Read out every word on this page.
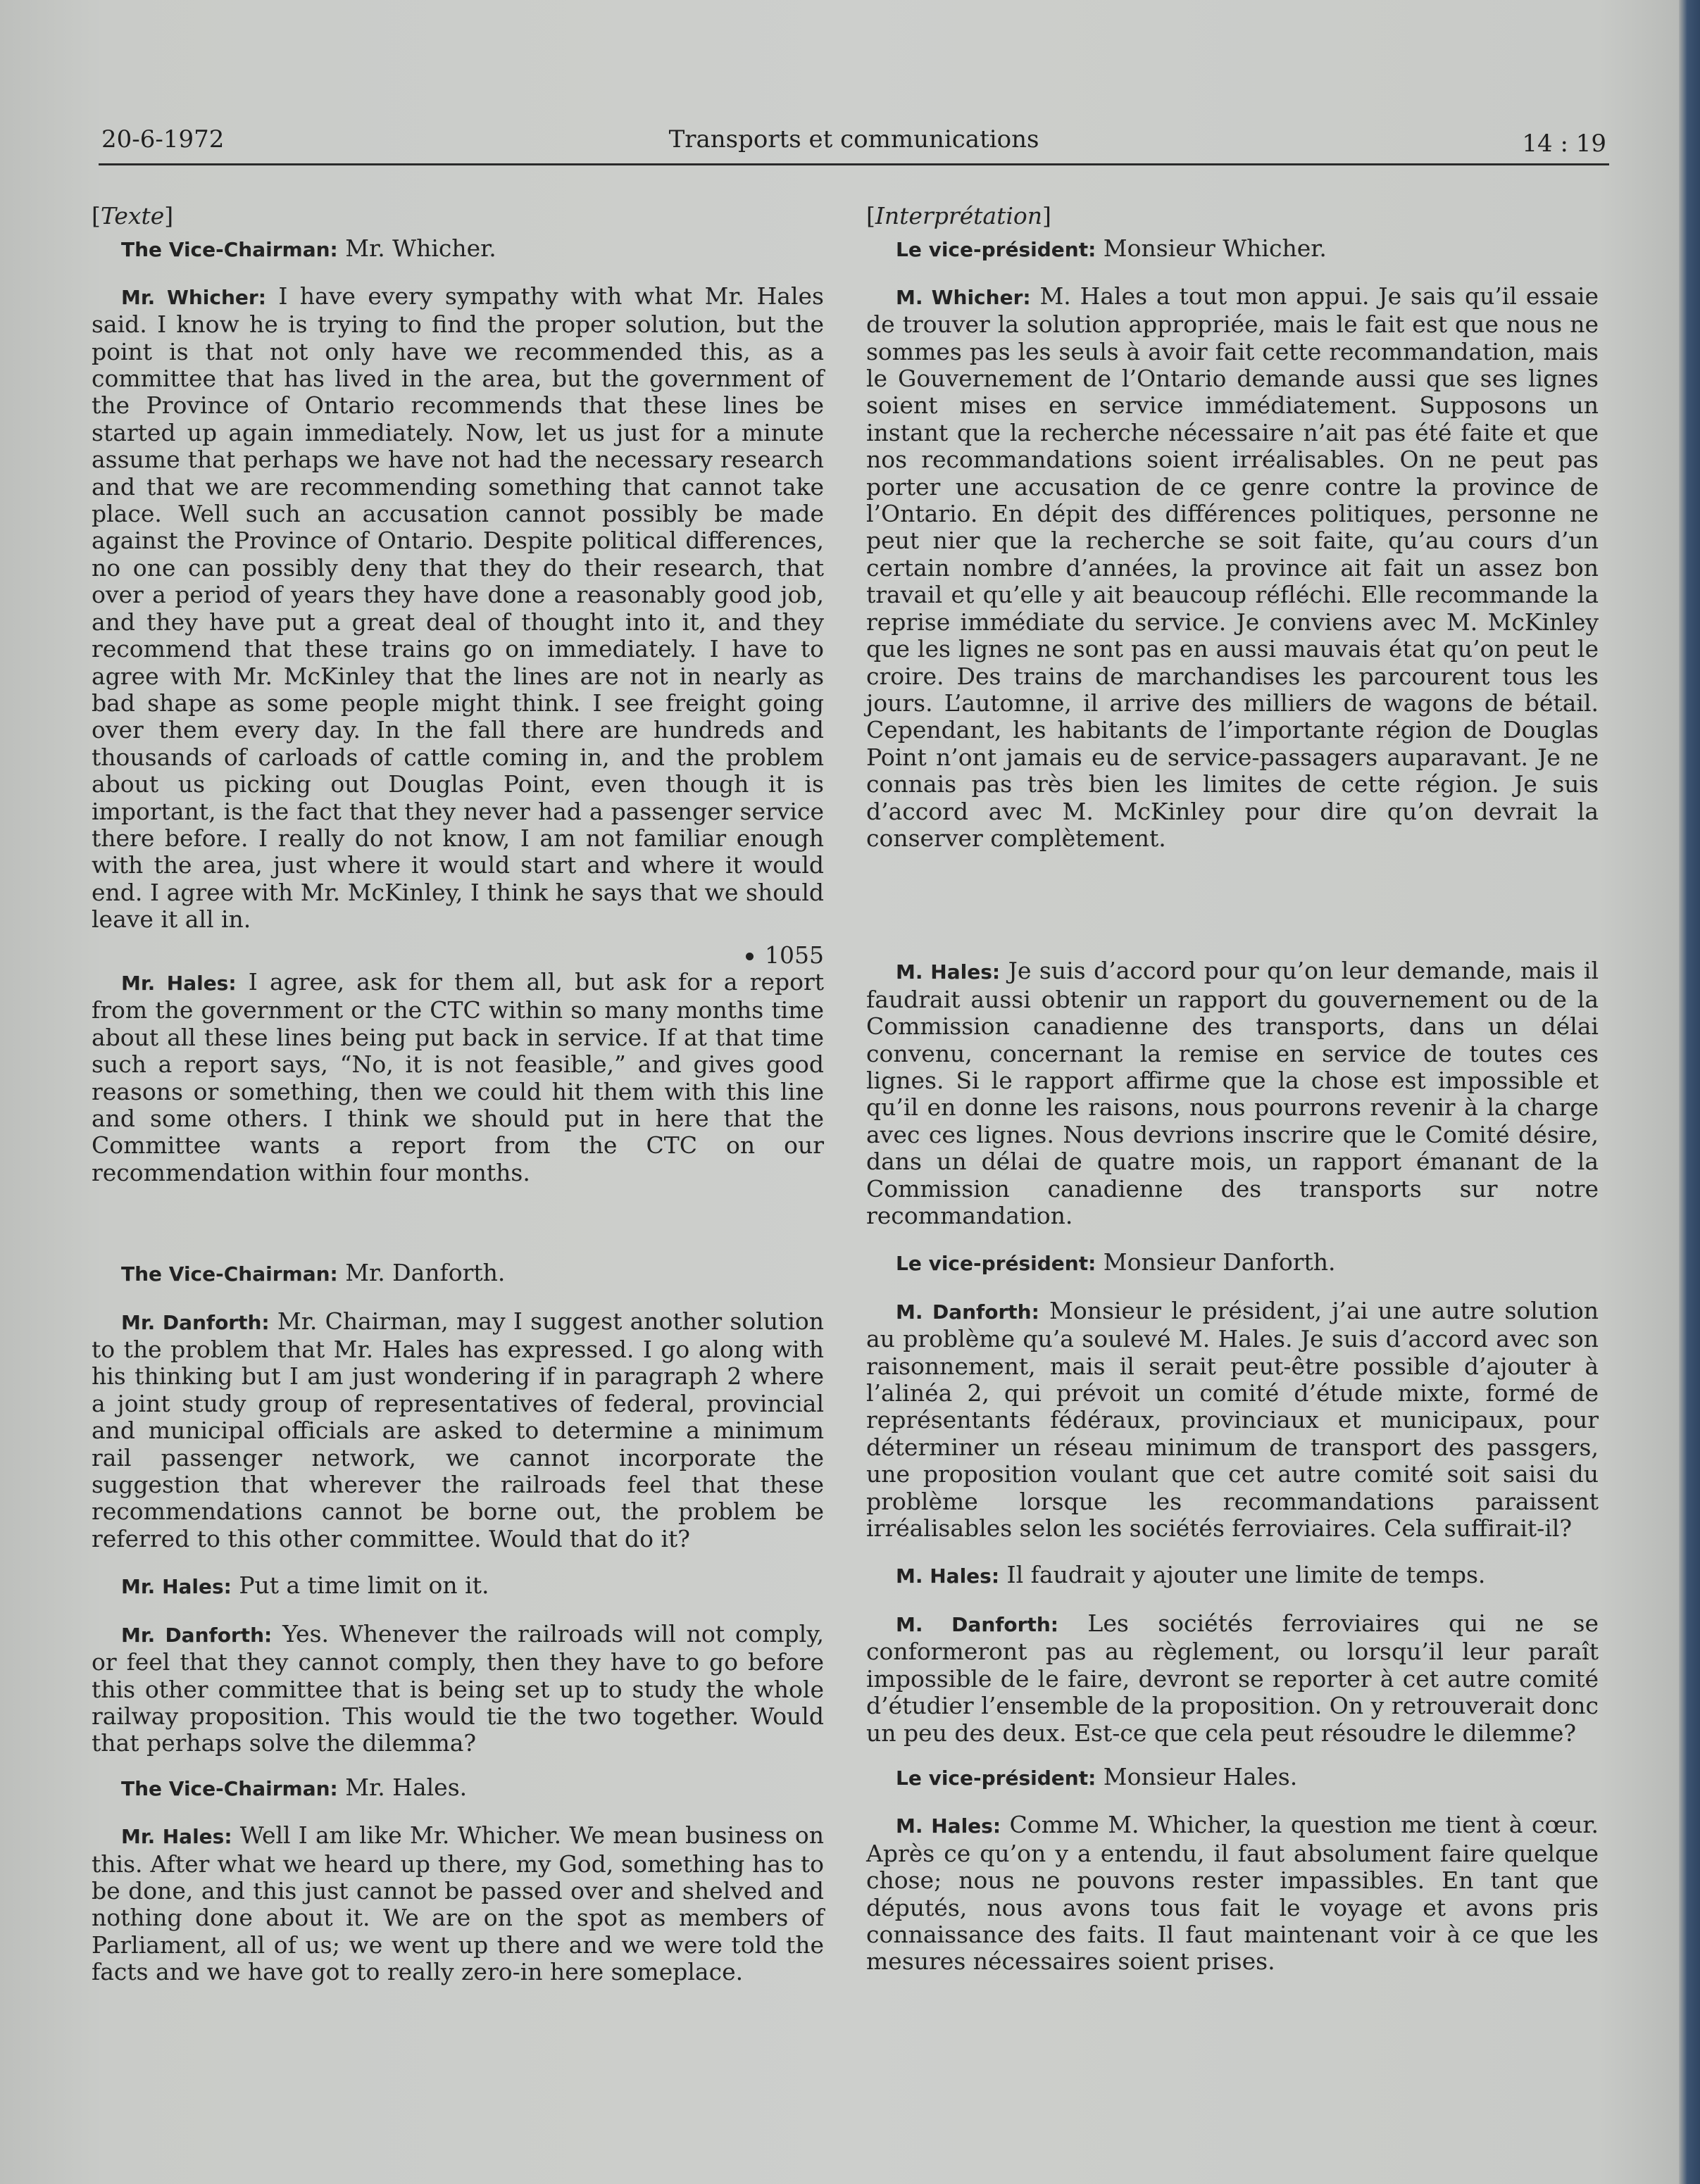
20-6-1972	Transports et communications	14 : 19

[Texte]

The Vice-Chairman: Mr. Whicher.

Mr. Whicher: I have every sympathy with what Mr. Hales said. I know he is trying to find the proper solution, but the point is that not only have we recommended this, as a committee that has lived in the area, but the government of the Province of Ontario recommends that these lines be started up again immediately. Now, let us just for a minute assume that perhaps we have not had the necessary research and that we are recommending something that cannot take place. Well such an accusation cannot possibly be made against the Province of Ontario. Despite political differences, no one can possibly deny that they do their research, that over a period of years they have done a reasonably good job, and they have put a great deal of thought into it, and they recommend that these trains go on immediately. I have to agree with Mr. McKinley that the lines are not in nearly as bad shape as some people might think. I see freight going over them every day. In the fall there are hundreds and thousands of carloads of cattle coming in, and the problem about us picking out Douglas Point, even though it is important, is the fact that they never had a passenger service there before. I really do not know, I am not familiar enough with the area, just where it would start and where it would end. I agree with Mr. McKinley, I think he says that we should leave it all in.

1055

Mr. Hales: I agree, ask for them all, but ask for a report from the government or the CTC within so many months time about all these lines being put back in service. If at that time such a report says, “No, it is not feasible,” and gives good reasons or something, then we could hit them with this line and some others. I think we should put in here that the Committee wants a report from the CTC on our recommendation within four months.

The Vice-Chairman: Mr. Danforth.

Mr. Danforth: Mr. Chairman, may I suggest another solution to the problem that Mr. Hales has expressed. I go along with his thinking but I am just wondering if in paragraph 2 where a joint study group of representatives of federal, provincial and municipal officials are asked to determine a minimum rail passenger network, we cannot incorporate the suggestion that wherever the railroads feel that these recommendations cannot be borne out, the problem be referred to this other committee. Would that do it?

Mr. Hales: Put a time limit on it.

Mr. Danforth: Yes. Whenever the railroads will not comply, or feel that they cannot comply, then they have to go before this other committee that is being set up to study the whole railway proposition. This would tie the two together. Would that perhaps solve the dilemma?

The Vice-Chairman: Mr. Hales.

Mr. Hales: Well I am like Mr. Whicher. We mean business on this. After what we heard up there, my God, something has to be done, and this just cannot be passed over and shelved and nothing done about it. We are on the spot as members of Parliament, all of us; we went up there and we were told the facts and we have got to really zero-in here someplace.

[Interprétation]

Le vice-président: Monsieur Whicher.

M. Whicher: M. Hales a tout mon appui. Je sais qu’il essaie de trouver la solution appropriée, mais le fait est que nous ne sommes pas les seuls à avoir fait cette recommandation, mais le Gouvernement de l’Ontario demande aussi que ses lignes soient mises en service immédiatement. Supposons un instant que la recherche nécessaire n’ait pas été faite et que nos recommandations soient irréalisables. On ne peut pas porter une accusation de ce genre contre la province de l’Ontario. En dépit des différences politiques, personne ne peut nier que la recherche se soit faite, qu’au cours d’un certain nombre d’années, la province ait fait un assez bon travail et qu’elle y ait beaucoup réfléchi. Elle recommande la reprise immédiate du service. Je conviens avec M. McKinley que les lignes ne sont pas en aussi mauvais état qu’on peut le croire. Des trains de marchandises les parcourent tous les jours. L’automne, il arrive des milliers de wagons de bétail. Cependant, les habitants de l’importante région de Douglas Point n’ont jamais eu de service-passagers auparavant. Je ne connais pas très bien les limites de cette région. Je suis d’accord avec M. McKinley pour dire qu’on devrait la conserver complètement.

M. Hales: Je suis d’accord pour qu’on leur demande, mais il faudrait aussi obtenir un rapport du gouvernement ou de la Commission canadienne des transports, dans un délai convenu, concernant la remise en service de toutes ces lignes. Si le rapport affirme que la chose est impossible et qu’il en donne les raisons, nous pourrons revenir à la charge avec ces lignes. Nous devrions inscrire que le Comité désire, dans un délai de quatre mois, un rapport émanant de la Commission canadienne des transports sur notre recommandation.

Le vice-président: Monsieur Danforth.

M. Danforth: Monsieur le président, j’ai une autre solution au problème qu’a soulevé M. Hales. Je suis d’accord avec son raisonnement, mais il serait peut-être possible d’ajouter à l’alinéa 2, qui prévoit un comité d’étude mixte, formé de représentants fédéraux, provinciaux et municipaux, pour déterminer un réseau minimum de transport des passgers, une proposition voulant que cet autre comité soit saisi du problème lorsque les recommandations paraissent irréalisables selon les sociétés ferroviaires. Cela suffirait-il?

M. Hales: Il faudrait y ajouter une limite de temps.

M. Danforth: Les sociétés ferroviaires qui ne se conformeront pas au règlement, ou lorsqu’il leur paraît impossible de le faire, devront se reporter à cet autre comité d’étudier l’ensemble de la proposition. On y retrouverait donc un peu des deux. Est-ce que cela peut résoudre le dilemme?

Le vice-président: Monsieur Hales.

M. Hales: Comme M. Whicher, la question me tient à cœur. Après ce qu’on y a entendu, il faut absolument faire quelque chose; nous ne pouvons rester impassibles. En tant que députés, nous avons tous fait le voyage et avons pris connaissance des faits. Il faut maintenant voir à ce que les mesures nécessaires soient prises.
